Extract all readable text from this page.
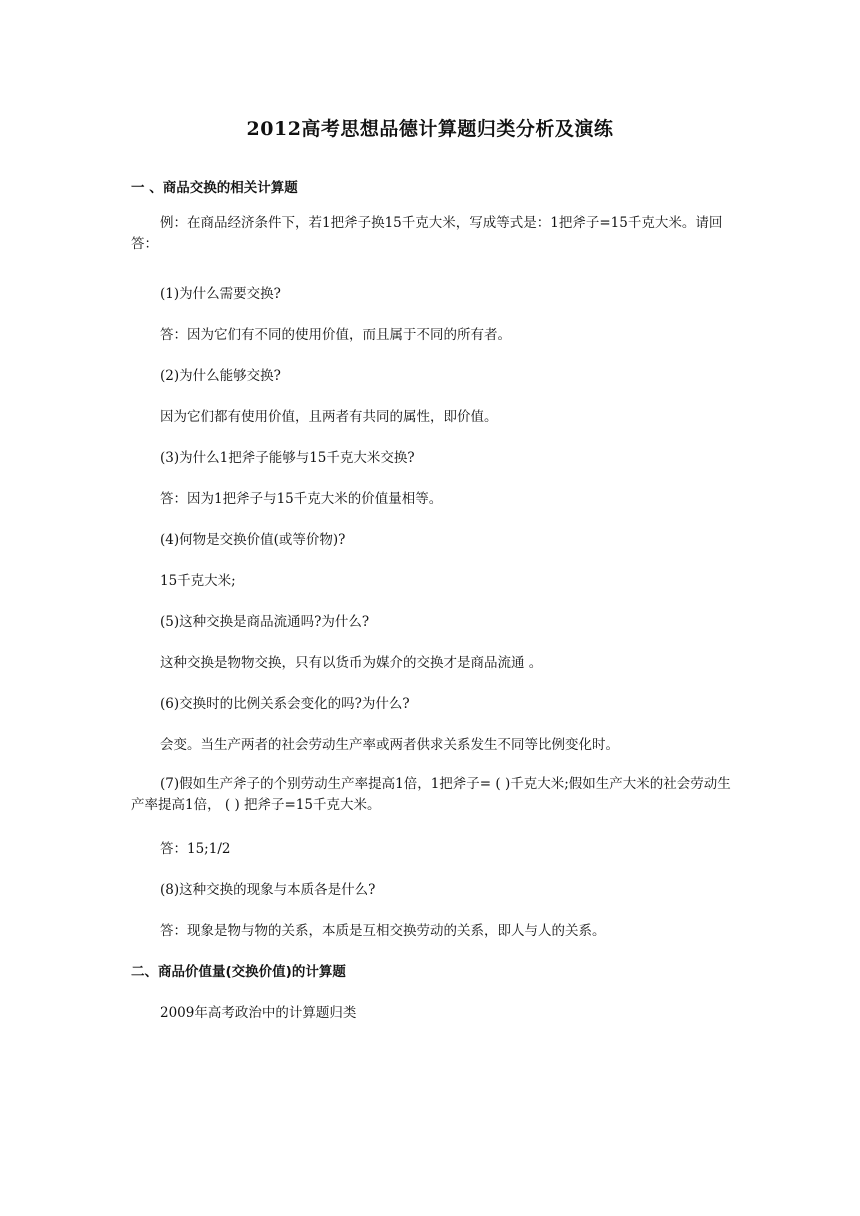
2012高考思想品德计算题归类分析及演练
一 、商品交换的相关计算题
例：在商品经济条件下，若1把斧子换15千克大米，写成等式是：1把斧子=15千克大米。请回答：
(1)为什么需要交换?
答：因为它们有不同的使用价值，而且属于不同的所有者。
(2)为什么能够交换?
因为它们都有使用价值，且两者有共同的属性，即价值。
(3)为什么1把斧子能够与15千克大米交换?
答：因为1把斧子与15千克大米的价值量相等。
(4)何物是交换价值(或等价物)?
15千克大米;
(5)这种交换是商品流通吗?为什么?
这种交换是物物交换，只有以货币为媒介的交换才是商品流通 。
(6)交换时的比例关系会变化的吗?为什么?
会变。当生产两者的社会劳动生产率或两者供求关系发生不同等比例变化时。
(7)假如生产斧子的个别劳动生产率提高1倍，1把斧子= ( )千克大米;假如生产大米的社会劳动生产率提高1倍， ( ) 把斧子=15千克大米。
答：15;1/2
(8)这种交换的现象与本质各是什么?
答：现象是物与物的关系，本质是互相交换劳动的关系，即人与人的关系。
二、商品价值量(交换价值)的计算题
2009年高考政治中的计算题归类
